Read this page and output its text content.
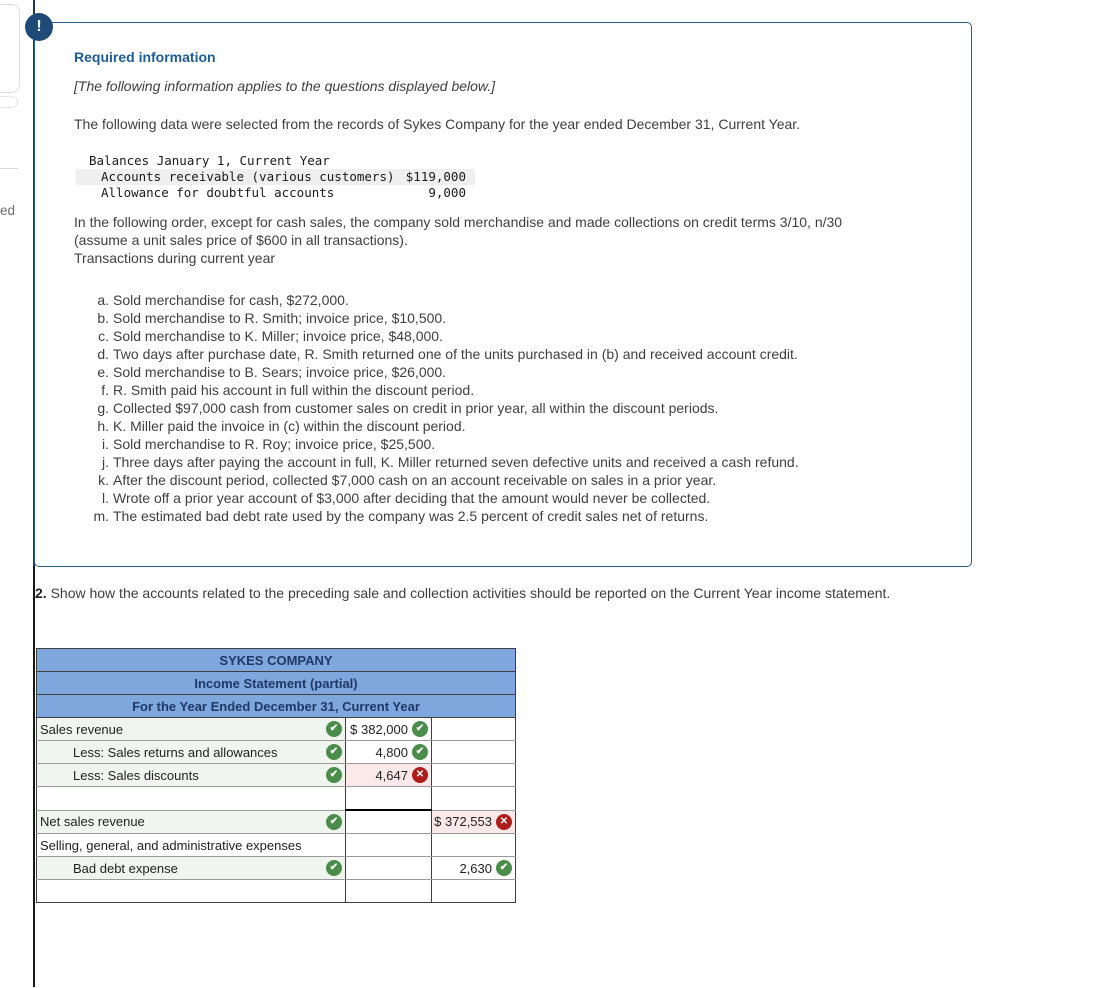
ed
Required information
[The following information applies to the questions displayed below.]
The following data were selected from the records of Sykes Company for the year ended December 31, Current Year.
Balances January 1, Current Year
Accounts receivable (various customers) $119,000
Allowance for doubtful accounts	9,000
In the following order, except for cash sales, the company sold merchandise and made collections on credit terms 3/10, n/30 (assume a unit sales price of $600 in all transactions).
Transactions during current year
a. Sold merchandise for cash, $272,000.
b. Sold merchandise to R. Smith; invoice price, $10,500.
c. Sold merchandise to K. Miller; invoice price, $48,000.
d. Two days after purchase date, R. Smith returned one of the units purchased in (b) and received account credit.
e. Sold merchandise to B. Sears; invoice price, $26,000.
f. R. Smith paid his account in full within the discount period.
g. Collected $97,000 cash from customer sales on credit in prior year, all within the discount periods.
h. K. Miller paid the invoice in (c) within the discount period.
i. Sold merchandise to R. Roy; invoice price, $25,500.
j. Three days after paying the account in full, K. Miller returned seven defective units and received a cash refund.
k. After the discount period, collected $7,000 cash on an account receivable on sales in a prior year.
l. Wrote off a prior year account of $3,000 after deciding that the amount would never be collected.
m. The estimated bad debt rate used by the company was 2.5 percent of credit sales net of returns.
!
2. Show how the accounts related to the preceding sale and collection activities should be reported on the Current Year income statement.
SYKES COMPANY		
Income Statement (partial)		
For the Year Ended December 31, Current Year		
Sales revenue ✔	$ 382,000 ✔	
Less: Sales returns and allowances ✔	4,800 ✔	
Less: Sales discounts ✔	4,647 ✕	

Net sales revenue ✔		$ 372,553 ✕
Selling, general, and administrative expenses		
Bad debt expense ✔		2,630 ✔
